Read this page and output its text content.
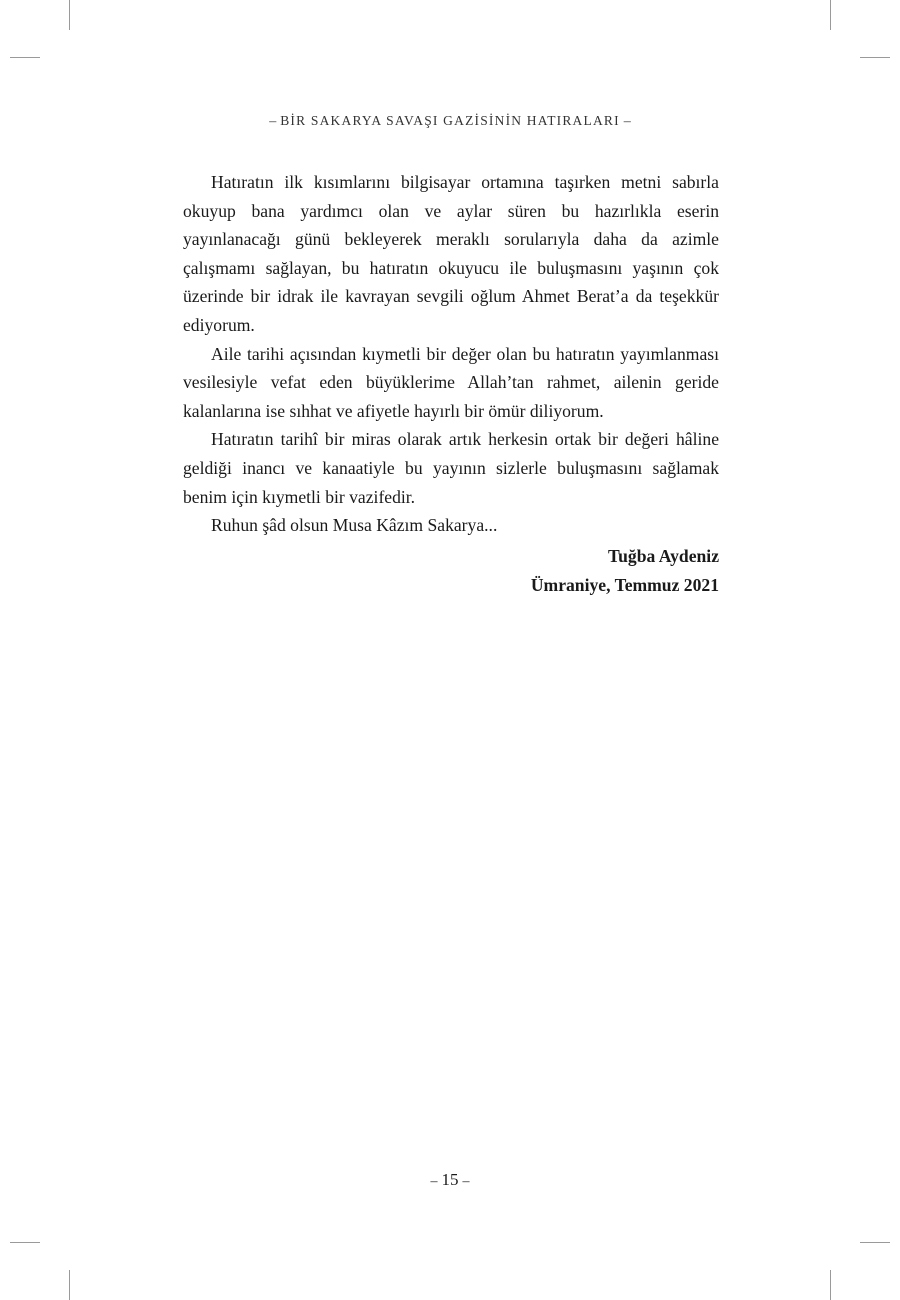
– BİR SAKARYA SAVAŞI GAZİSİNİN HATIRALARI –

Hatıratın ilk kısımlarını bilgisayar ortamına taşırken metni sabırla okuyup bana yardımcı olan ve aylar süren bu hazırlıkla eserin yayınlanacağı günü bekleyerek meraklı sorularıyla daha da azimle çalışmamı sağlayan, bu hatıratın okuyucu ile buluşmasını yaşının çok üzerinde bir idrak ile kavrayan sevgili oğlum Ahmet Berat’a da teşekkür ediyorum.

Aile tarihi açısından kıymetli bir değer olan bu hatıratın yayımlanması vesilesiyle vefat eden büyüklerime Allah’tan rahmet, ailenin geride kalanlarına ise sıhhat ve afiyetle hayırlı bir ömür diliyorum.

Hatıratın tarihî bir miras olarak artık herkesin ortak bir değeri hâline geldiği inancı ve kanaatiyle bu yayının sizlerle buluşmasını sağlamak benim için kıymetli bir vazifedir.

Ruhun şâd olsun Musa Kâzım Sakarya...

Tuğba Aydeniz
Ümraniye, Temmuz 2021
– 15 –
